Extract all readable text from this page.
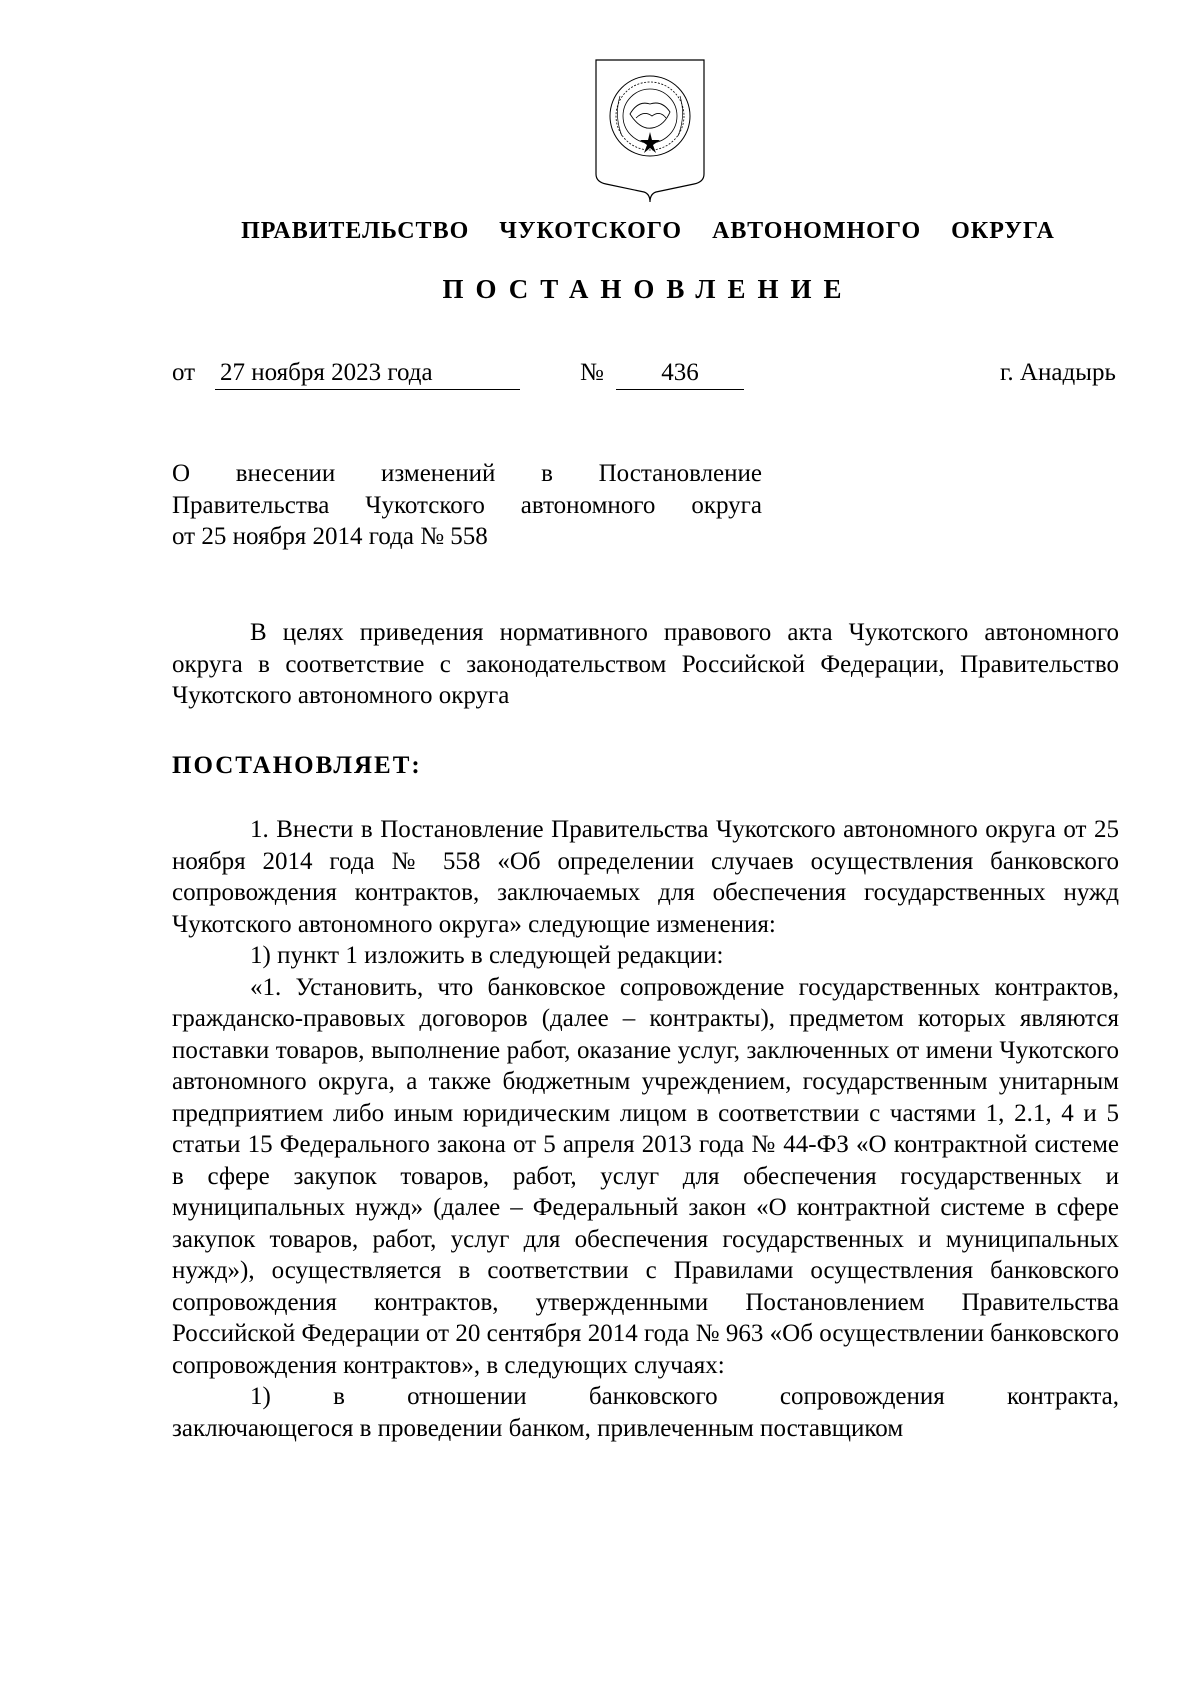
ПРАВИТЕЛЬСТВО  ЧУКОТСКОГО  АВТОНОМНОГО  ОКРУГА
ПОСТАНОВЛЕНИЕ
от 27 ноября 2023 года	№	436	г. Анадырь

О внесении изменений в Постановление

Правительства Чукотского автономного округа

от 25 ноября 2014 года № 558

В целях приведения нормативного правового акта Чукотского автономного округа в соответствие с законодательством Российской Федерации, Правительство Чукотского автономного округа

ПОСТАНОВЛЯЕТ:

1. Внести в Постановление Правительства Чукотского автономного округа от 25 ноября 2014 года № 558 «Об определении случаев осуществления банковского сопровождения контрактов, заключаемых для обеспечения государственных нужд Чукотского автономного округа» следующие изменения:

1) пункт 1 изложить в следующей редакции:

«1. Установить, что банковское сопровождение государственных контрактов, гражданско-правовых договоров (далее – контракты), предметом которых являются поставки товаров, выполнение работ, оказание услуг, заключенных от имени Чукотского автономного округа, а также бюджетным учреждением, государственным унитарным предприятием либо иным юридическим лицом в соответствии с частями 1, 2.1, 4 и 5 статьи 15 Федерального закона от 5 апреля 2013 года № 44-ФЗ «О контрактной системе в сфере закупок товаров, работ, услуг для обеспечения государственных и муниципальных нужд» (далее – Федеральный закон «О контрактной системе в сфере закупок товаров, работ, услуг для обеспечения государственных и муниципальных нужд»), осуществляется в соответствии с Правилами осуществления банковского сопровождения контрактов, утвержденными Постановлением Правительства Российской Федерации от 20 сентября 2014 года № 963 «Об осуществлении банковского сопровождения контрактов», в следующих случаях:

1) в отношении банковского сопровождения контракта,

заключающегося в проведении банком, привлеченным поставщиком
